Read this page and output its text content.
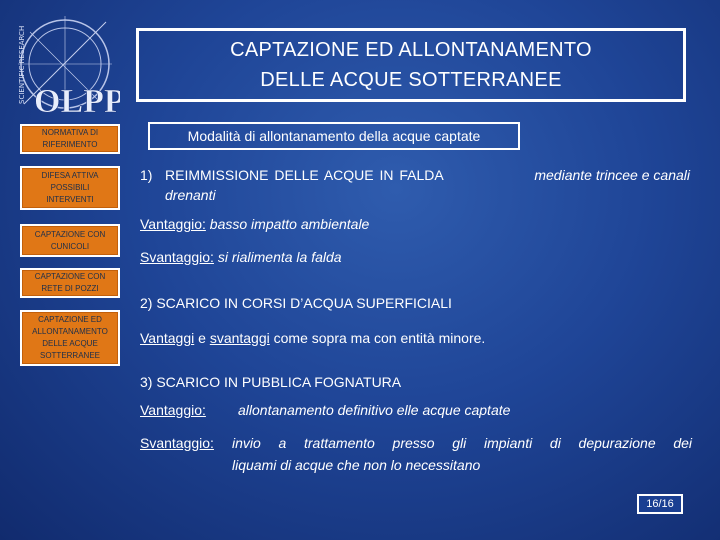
SCIENTIFIC RESEARCH OLPP
CAPTAZIONE ED ALLONTANAMENTO
DELLE ACQUE SOTTERRANEE
NORMATIVA DI RIFERIMENTO
DIFESA ATTIVA POSSIBILI INTERVENTI
CAPTAZIONE CON CUNICOLI
CAPTAZIONE CON RETE DI POZZI
CAPTAZIONE ED ALLONTANAMENTO DELLE ACQUE SOTTERRANEE
Modalità di allontanamento della acque captate
1) REIMMISSIONE DELLE ACQUE IN FALDA	mediante trincee e canali
drenanti
Vantaggio: basso impatto ambientale
Svantaggio: si rialimenta la falda
2) SCARICO IN CORSI D’ACQUA SUPERFICIALI
Vantaggi e svantaggi come sopra ma con entità minore.
3) SCARICO IN PUBBLICA FOGNATURA
Vantaggio: allontanamento definitivo elle acque captate
Svantaggio: invio a trattamento presso gli impianti di depurazione dei
liquami di acque che non lo necessitano
16/16
